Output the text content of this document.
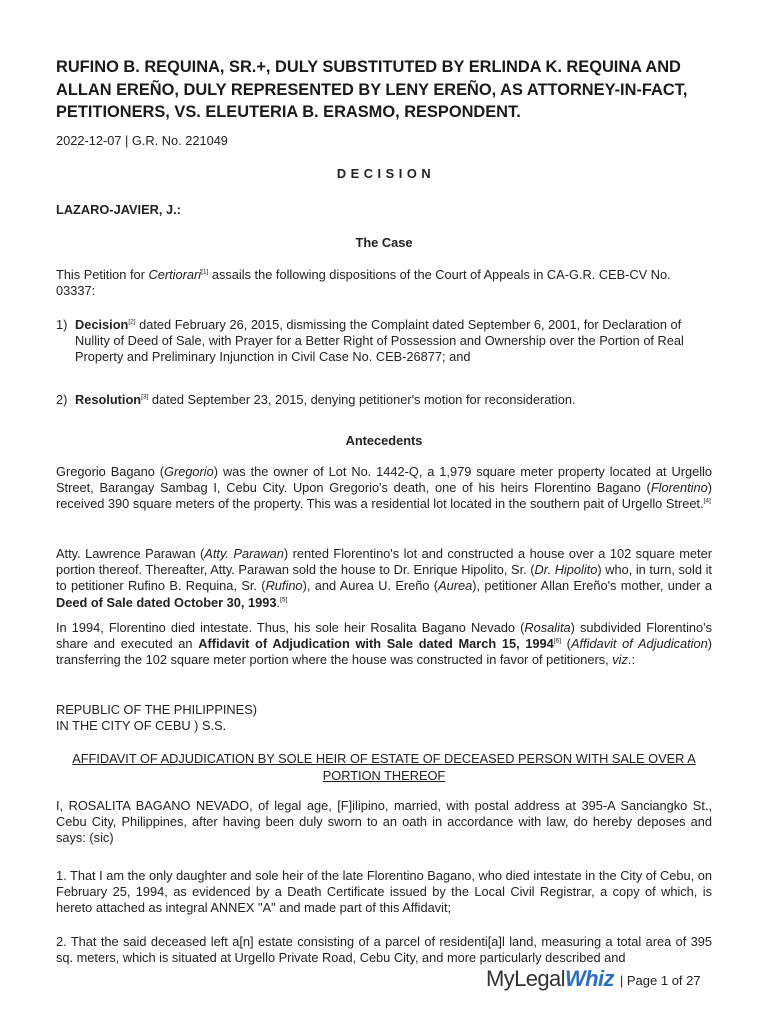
RUFINO B. REQUINA, SR.+, DULY SUBSTITUTED BY ERLINDA K. REQUINA AND ALLAN EREÑO, DULY REPRESENTED BY LENY EREÑO, AS ATTORNEY-IN-FACT, PETITIONERS, VS. ELEUTERIA B. ERASMO, RESPONDENT.
2022-12-07 | G.R. No. 221049
D E C I S I O N
LAZARO-JAVIER, J.:
The Case
This Petition for Certiorari[1] assails the following dispositions of the Court of Appeals in CA-G.R. CEB-CV No. 03337:
1) Decision[2] dated February 26, 2015, dismissing the Complaint dated September 6, 2001, for Declaration of Nullity of Deed of Sale, with Prayer for a Better Right of Possession and Ownership over the Portion of Real Property and Preliminary Injunction in Civil Case No. CEB-26877; and
2) Resolution[3] dated September 23, 2015, denying petitioner's motion for reconsideration.
Antecedents
Gregorio Bagano (Gregorio) was the owner of Lot No. 1442-Q, a 1,979 square meter property located at Urgello Street, Barangay Sambag I, Cebu City. Upon Gregorio's death, one of his heirs Florentino Bagano (Florentino) received 390 square meters of the property. This was a residential lot located in the southern pait of Urgello Street.[4]
Atty. Lawrence Parawan (Atty. Parawan) rented Florentino's lot and constructed a house over a 102 square meter portion thereof. Thereafter, Atty. Parawan sold the house to Dr. Enrique Hipolito, Sr. (Dr. Hipolito) who, in turn, sold it to petitioner Rufino B. Requina, Sr. (Rufino), and Aurea U. Ereño (Aurea), petitioner Allan Ereño's mother, under a Deed of Sale dated October 30, 1993.[5]
In 1994, Florentino died intestate. Thus, his sole heir Rosalita Bagano Nevado (Rosalita) subdivided Florentino's share and executed an Affidavit of Adjudication with Sale dated March 15, 1994[6] (Affidavit of Adjudication) transferring the 102 square meter portion where the house was constructed in favor of petitioners, viz.:
REPUBLIC OF THE PHILIPPINES)
IN THE CITY OF CEBU ) S.S.
AFFIDAVIT OF ADJUDICATION BY SOLE HEIR OF ESTATE OF DECEASED PERSON WITH SALE OVER A PORTION THEREOF
I, ROSALITA BAGANO NEVADO, of legal age, [F]ilipino, married, with postal address at 395-A Sanciangko St., Cebu City, Philippines, after having been duly sworn to an oath in accordance with law, do hereby deposes and says: (sic)
1. That I am the only daughter and sole heir of the late Florentino Bagano, who died intestate in the City of Cebu, on February 25, 1994, as evidenced by a Death Certificate issued by the Local Civil Registrar, a copy of which, is hereto attached as integral ANNEX "A" and made part of this Affidavit;
2. That the said deceased left a[n] estate consisting of a parcel of residenti[a]l land, measuring a total area of 395 sq. meters, which is situated at Urgello Private Road, Cebu City, and more particularly described and
MyLegalWhiz | Page 1 of 27
